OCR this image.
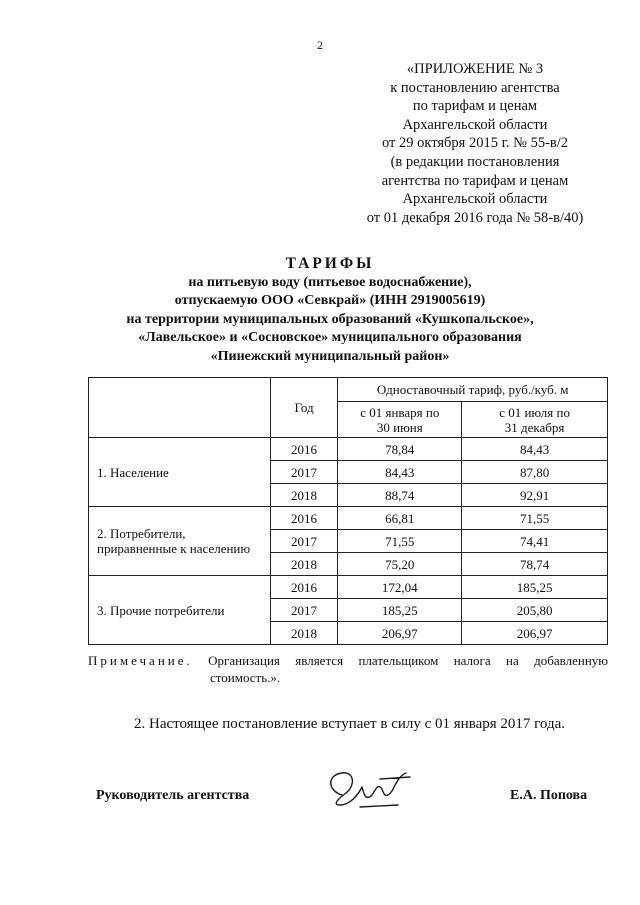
2
«ПРИЛОЖЕНИЕ № 3
к постановлению агентства
по тарифам и ценам
Архангельской области
от 29 октября 2015 г. № 55-в/2
(в редакции постановления
агентства по тарифам и ценам
Архангельской области
от 01 декабря 2016 года № 58-в/40)
ТАРИФЫ
на питьевую воду (питьевое водоснабжение),
отпускаемую ООО «Севкрай» (ИНН 2919005619)
на территории муниципальных образований «Кушкопальское»,
«Лавельское» и «Сосновское» муниципального образования
«Пинежский муниципальный район»
	Год	Одноставочный тариф, руб./куб. м	
		с 01 января по 30 июня	с 01 июля по 31 декабря
1. Население	2016	78,84	84,43
	2017	84,43	87,80
	2018	88,74	92,91
2. Потребители, приравненные к населению	2016	66,81	71,55
	2017	71,55	74,41
	2018	75,20	78,74
3. Прочие потребители	2016	172,04	185,25
	2017	185,25	205,80
	2018	206,97	206,97
Примечание. Организация является плательщиком налога на добавленную
стоимость.».
2. Настоящее постановление вступает в силу с 01 января 2017 года.
Руководитель агентства	Е.А. Попова
